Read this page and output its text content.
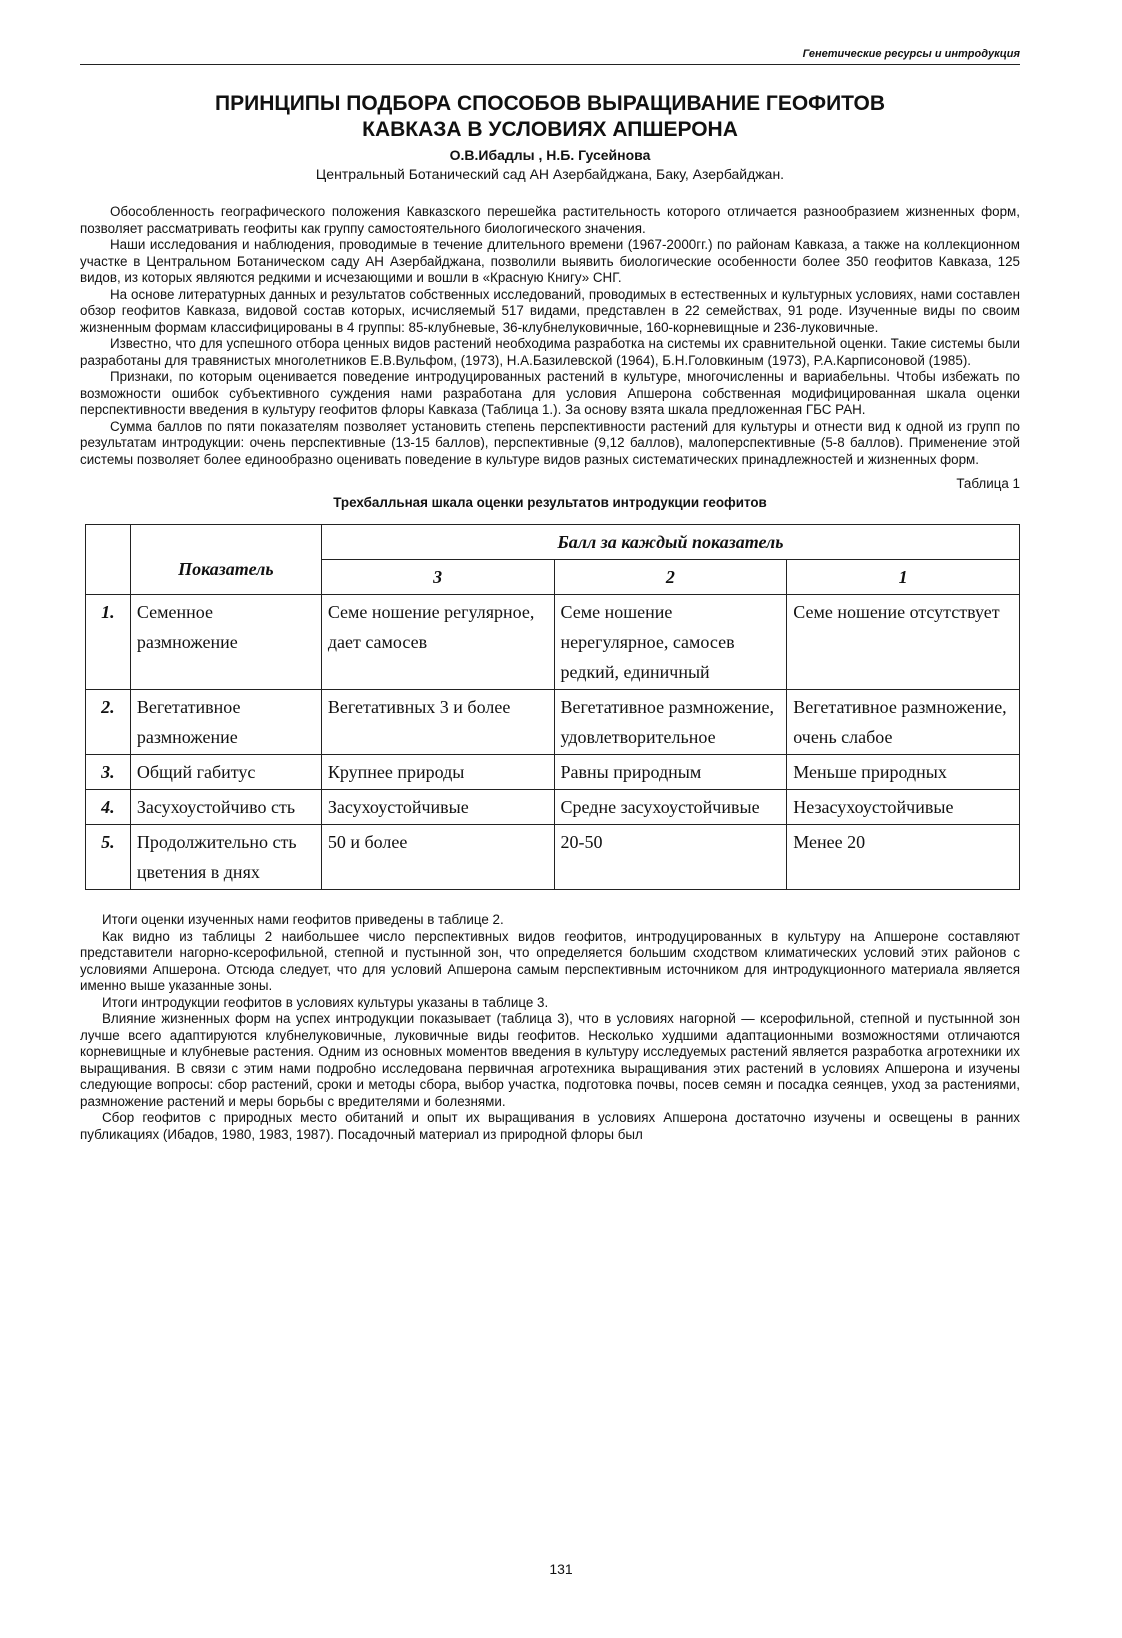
Генетические ресурсы и интродукция
ПРИНЦИПЫ ПОДБОРА СПОСОБОВ ВЫРАЩИВАНИЕ ГЕОФИТОВ
КАВКАЗА В УСЛОВИЯХ АПШЕРОНА
О.В.Ибадлы , Н.Б. Гусейнова
Центральный Ботанический сад АН Азербайджана, Баку, Азербайджан.

Обособленность географического положения Кавказского перешейка растительность которого отличается разнообразием жизненных форм, позволяет рассматривать геофиты как группу самостоятельного биологического значения.

Наши исследования и наблюдения, проводимые в течение длительного времени (1967-2000гг.) по районам Кавказа, а также на коллекционном участке в Центральном Ботаническом саду АН Азербайджана, позволили выявить биологические особенности более 350 геофитов Кавказа, 125 видов, из которых являются редкими и исчезающими и вошли в «Красную Книгу» СНГ.

На основе литературных данных и результатов собственных исследований, проводимых в естественных и культурных условиях, нами составлен обзор геофитов Кавказа, видовой состав которых, исчисляемый 517 видами, представлен в 22 семействах, 91 роде. Изученные виды по своим жизненным формам классифицированы в 4 группы: 85-клубневые, 36-клубнелуковичные, 160-корневищные и 236-луковичные.

Известно, что для успешного отбора ценных видов растений необходима разработка на системы их сравнительной оценки. Такие системы были разработаны для травянистых многолетников Е.В.Вульфом, (1973), Н.А.Базилевской (1964), Б.Н.Головкиным (1973), Р.А.Карписоновой (1985).

Признаки, по которым оценивается поведение интродуцированных растений в культуре, многочисленны и вариабельны. Чтобы избежать по возможности ошибок субъективного суждения нами разработана для условия Апшерона собственная модифицированная шкала оценки перспективности введения в культуру геофитов флоры Кавказа (Таблица 1.). За основу взята шкала предложенная ГБС РАН.

Сумма баллов по пяти показателям позволяет установить степень перспективности растений для культуры и отнести вид к одной из групп по результатам интродукции: очень перспективные (13-15 баллов), перспективные (9,12 баллов), малоперспективные (5-8 баллов). Применение этой системы позволяет более единообразно оценивать поведение в культуре видов разных систематических принадлежностей и жизненных форм.

Таблица 1
Трехбалльная шкала оценки результатов интродукции геофитов
	Показатель	Балл за каждый показатель		
		3	2	1
1.	Семенное размножение	Семе ношение регулярное, дает самосев	Семе ношение нерегулярное, самосев редкий, единичный	Семе ношение отсутствует
2.	Вегетативное размножение	Вегетативных 3 и более	Вегетативное размножение, удовлетворительное	Вегетативное размножение, очень слабое
3.	Общий габитус	Крупнее природы	Равны природным	Меньше природных
4.	Засухоустойчиво сть	Засухоустойчивые	Средне засухоустойчивые	Незасухоустойчивые
5.	Продолжительно сть цветения в днях	50 и более	20-50	Менее 20

Итоги оценки изученных нами геофитов приведены в таблице 2.

Как видно из таблицы 2 наибольшее число перспективных видов геофитов, интродуцированных в культуру на Апшероне составляют представители нагорно-ксерофильной, степной и пустынной зон, что определяется большим сходством климатических условий этих районов с условиями Апшерона. Отсюда следует, что для условий Апшерона самым перспективным источником для интродукционного материала является именно выше указанные зоны.

Итоги интродукции геофитов в условиях культуры указаны в таблице 3.

Влияние жизненных форм на успех интродукции показывает (таблица 3), что в условиях нагорной — ксерофильной, степной и пустынной зон лучше всего адаптируются клубнелуковичные, луковичные виды геофитов. Несколько худшими адаптационными возможностями отличаются корневищные и клубневые растения. Одним из основных моментов введения в культуру исследуемых растений является разработка агротехники их выращивания. В связи с этим нами подробно исследована первичная агротехника выращивания этих растений в условиях Апшерона и изучены следующие вопросы: сбор растений, сроки и методы сбора, выбор участка, подготовка почвы, посев семян и посадка сеянцев, уход за растениями, размножение растений и меры борьбы с вредителями и болезнями.

Сбор геофитов с природных место обитаний и опыт их выращивания в условиях Апшерона достаточно изучены и освещены в ранних публикациях (Ибадов, 1980, 1983, 1987). Посадочный материал из природной флоры был

131
